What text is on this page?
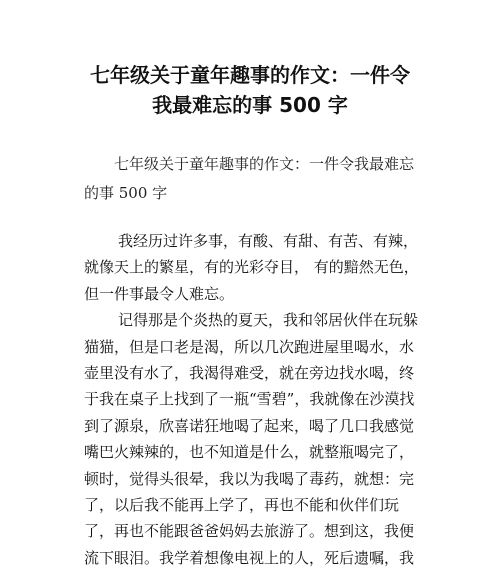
七年级关于童年趣事的作文：一件令
我最难忘的事 500 字
七年级关于童年趣事的作文：一件令我最难忘的事 500 字

我经历过许多事，有酸、有甜、有苦、有辣，就像天上的繁星，有的光彩夺目， 有的黯然无色，但一件事最令人难忘。

记得那是个炎热的夏天，我和邻居伙伴在玩躲猫猫，但是口老是渴，所以几次跑进屋里喝水，水壶里没有水了，我渴得难受，就在旁边找水喝，终于我在桌子上找到了一瓶“雪碧”，我就像在沙漠找到了源泉，欣喜诺狂地喝了起来，喝了几口我感觉嘴巴火辣辣的，也不知道是什么，就整瓶喝完了，顿时，觉得头很晕，我以为我喝了毒药，就想：完了，以后我不能再上学了，再也不能和伙伴们玩了，再也不能跟爸爸妈妈去旅游了。想到这，我便流下眼泪。我学着想像电视上的人，死后遗嘱，我
